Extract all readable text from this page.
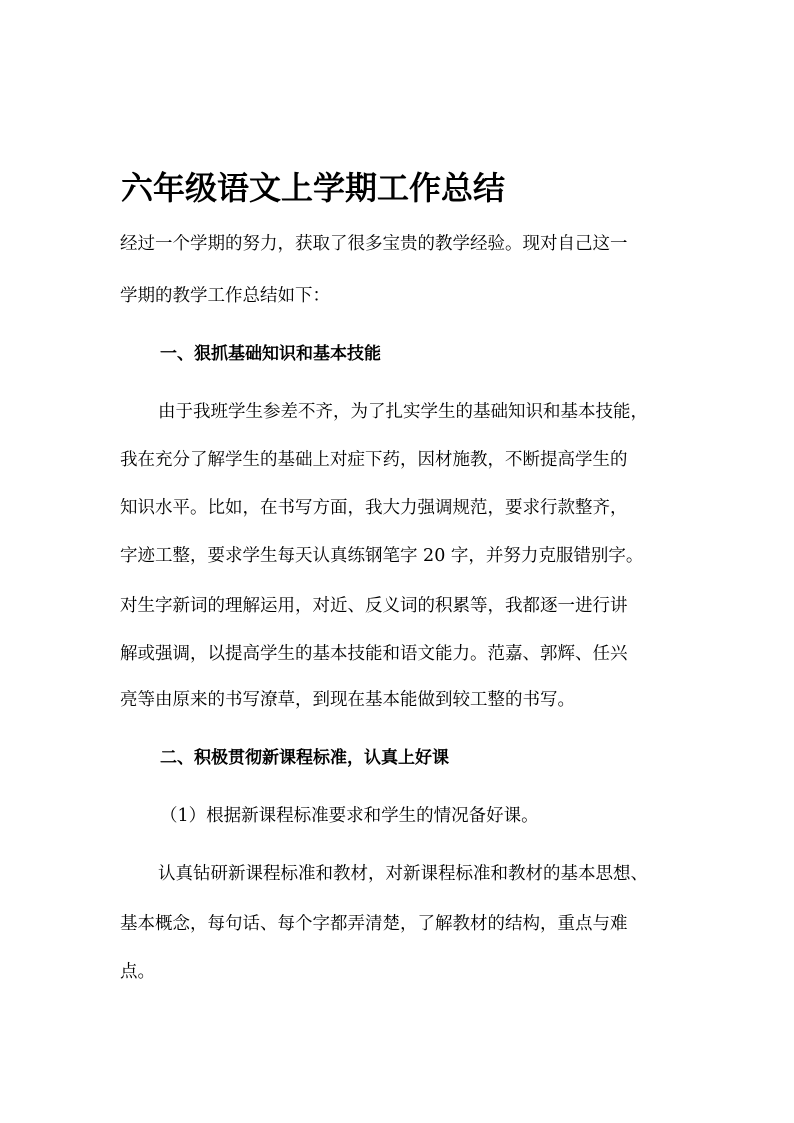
六年级语文上学期工作总结
经过一个学期的努力，获取了很多宝贵的教学经验。现对自己这一
学期的教学工作总结如下：
一、狠抓基础知识和基本技能
由于我班学生参差不齐，为了扎实学生的基础知识和基本技能，
我在充分了解学生的基础上对症下药，因材施教，不断提高学生的
知识水平。比如，在书写方面，我大力强调规范，要求行款整齐，
字迹工整，要求学生每天认真练钢笔字 20 字，并努力克服错别字。
对生字新词的理解运用，对近、反义词的积累等，我都逐一进行讲
解或强调，以提高学生的基本技能和语文能力。范嘉、郭辉、任兴
亮等由原来的书写潦草，到现在基本能做到较工整的书写。
二、积极贯彻新课程标准，认真上好课
（1）根据新课程标准要求和学生的情况备好课。
认真钻研新课程标准和教材，对新课程标准和教材的基本思想、
基本概念，每句话、每个字都弄清楚，了解教材的结构，重点与难
点。
